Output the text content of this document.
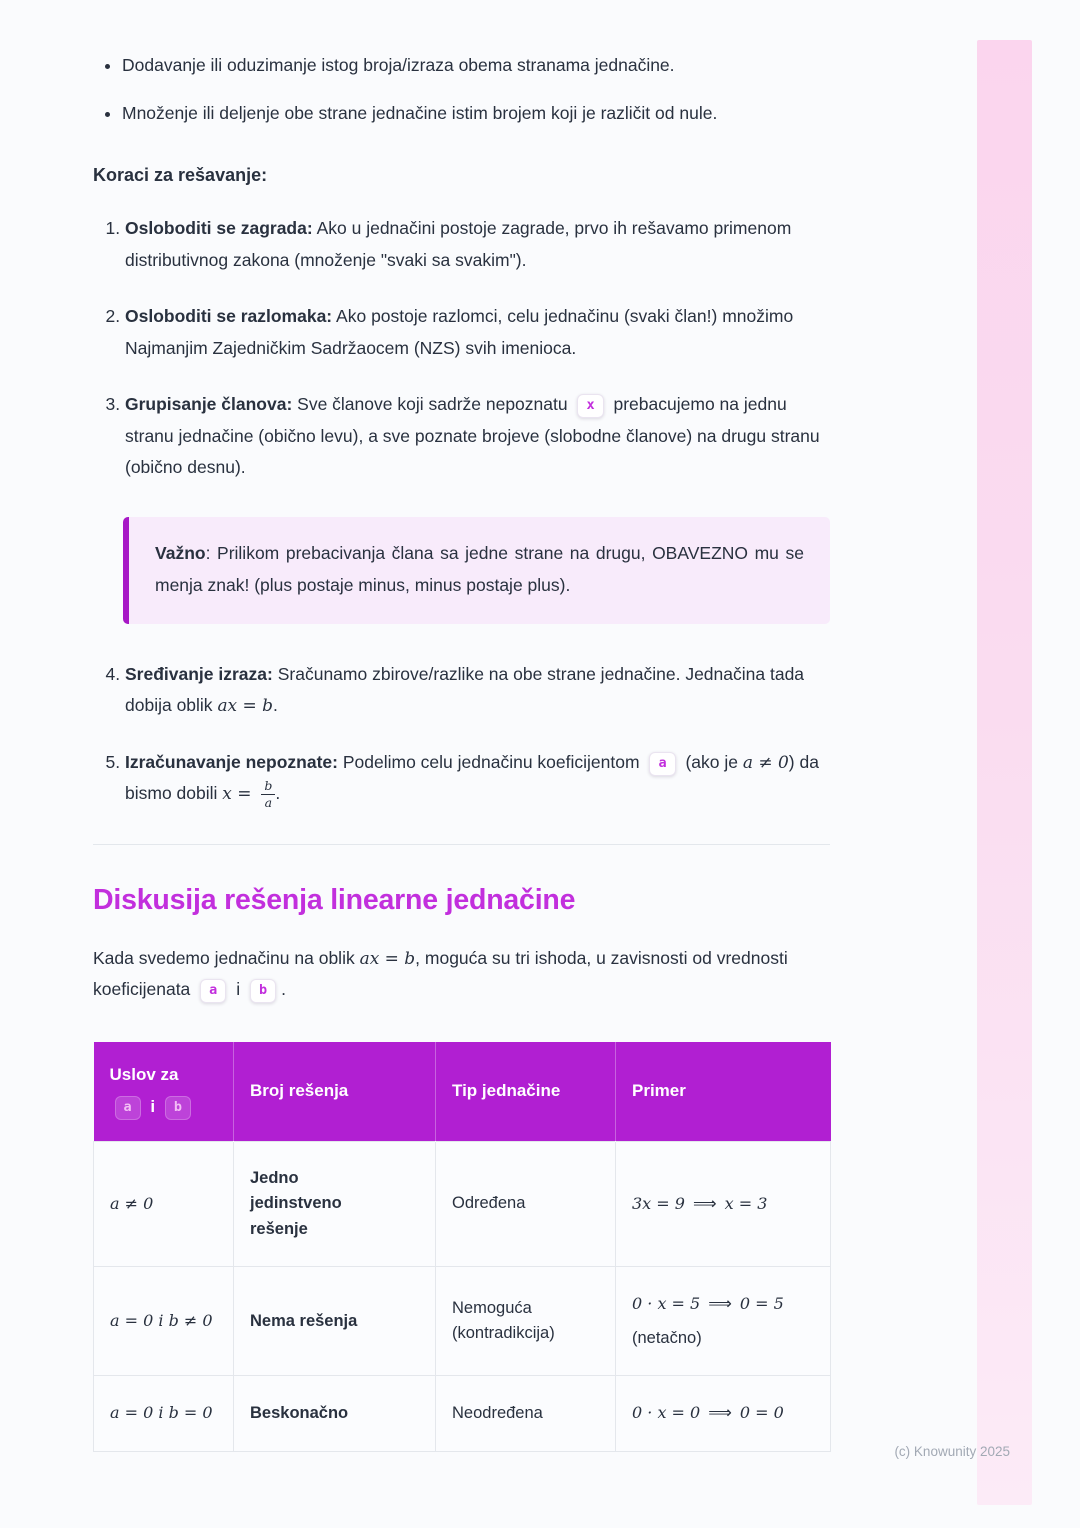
• Dodavanje ili oduzimanje istog broja/izraza obema stranama jednačine.
• Množenje ili deljenje obe strane jednačine istim brojem koji je različit od nule.

Koraci za rešavanje:

1. Osloboditi se zagrada: Ako u jednačini postoje zagrade, prvo ih rešavamo primenom distributivnog zakona (množenje "svaki sa svakim").
2. Osloboditi se razlomaka: Ako postoje razlomci, celu jednačinu (svaki član!) množimo Najmanjim Zajedničkim Sadržaocem (NZS) svih imenioca.
3. Grupisanje članova: Sve članove koji sadrže nepoznatu x prebacujemo na jednu stranu jednačine (obično levu), a sve poznate brojeve (slobodne članove) na drugu stranu (obično desnu).
Važno: Prilikom prebacivanja člana sa jedne strane na drugu, OBAVEZNO mu se menja znak! (plus postaje minus, minus postaje plus).
4. Sređivanje izraza: Sračunamo zbirove/razlike na obe strane jednačine. Jednačina tada dobija oblik ax = b.
5. Izračunavanje nepoznate: Podelimo celu jednačinu koeficijentom a (ako je a ≠ 0) da bismo dobili $x = \frac{b}{a}$ .
Diskusija rešenja linearne jednačine

Kada svedemo jednačinu na oblik ax = b, moguća su tri ishoda, u zavisnosti od vrednosti koeficijenata a i b .

Uslov za
a i b	Broj rešenja	Tip jednačine	Primer
a ≠ 0	Jedno jedinstveno rešenje	Određena	3x = 9 ⟹ x = 3
a = 0 i b ≠ 0	Nema rešenja	Nemoguća (kontradikcija)	0 · x = 5 ⟹ 0 = 5
(netačno)

a = 0 i b = 0	Beskonačno	Neodređena	0 · x = 0 ⟹ 0 = 0
(c) Knowunity 2025
